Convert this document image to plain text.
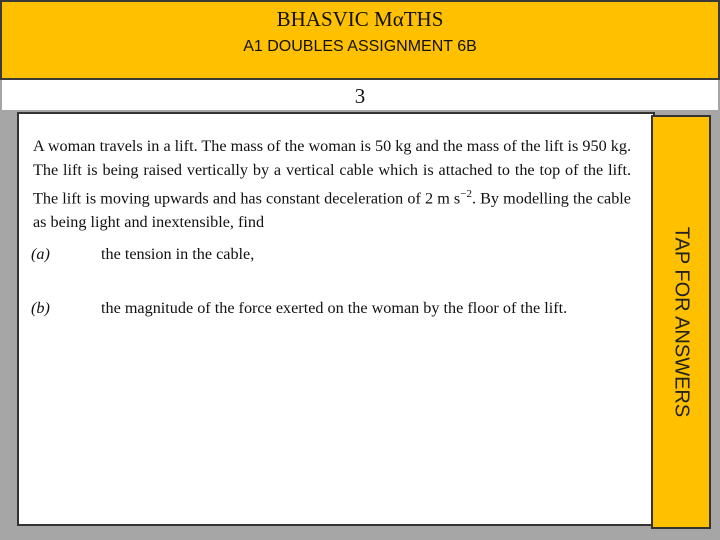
BHASVIC MαTHS
A1 DOUBLES ASSIGNMENT 6B
3
A woman travels in a lift. The mass of the woman is 50 kg and the mass of the lift is 950 kg. The lift is being raised vertically by a vertical cable which is attached to the top of the lift. The lift is moving upwards and has constant deceleration of 2 m $s^{-2}$. By modelling the cable as being light and inextensible, find
(a)	the tension in the cable,
(b)	the magnitude of the force exerted on the woman by the floor of the lift.	TAP FOR ANSWERS
